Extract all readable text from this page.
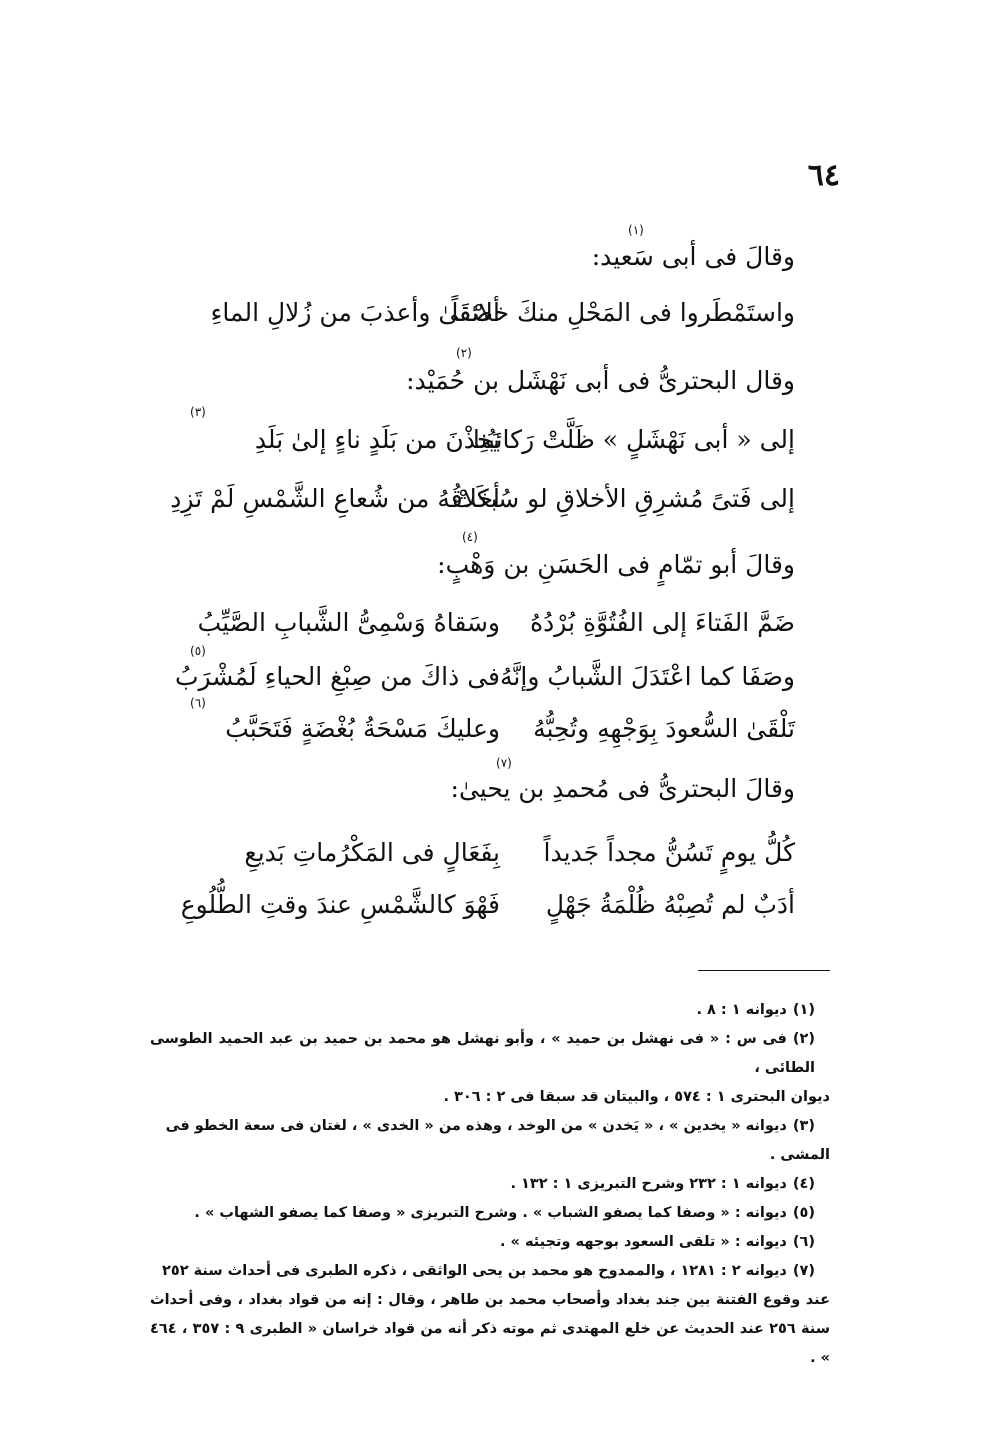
٦٤
(١)
وقالَ فى أبى سَعيد:
واستَمْطَروا فى المَحْلِ منكَ خلائقاً
أصْفَىٰ وأعذبَ من زُلالِ الماءِ
(٢)
وقال البحترىُّ فى أبى نَهْشَل بن حُمَيْد:
(٣)
إلى « أبى نَهْشَلٍ » ظَلَّتْ رَكائبُنا
يَخِذْنَ من بَلَدٍ ناءٍ إلىٰ بَلَدِ
إلى فَتىً مُشرِقِ الأخلاقِ لو سُبكَتْ
أخلاقُهُ من شُعاعِ الشَّمْسِ لَمْ تَزِدِ
(٤)
وقالَ أبو تمّامٍ فى الحَسَنِ بن وَهْبٍ:
ضَمَّ الفَتاءَ إلى الفُتُوَّةِ بُرْدُهُ
وسَقاهُ وَسْمِىُّ الشَّبابِ الصَّيِّبُ
(٥)
وصَفَا كما اعْتَدَلَ الشَّبابُ وإنَّهُ
فى ذاكَ من صِبْغِ الحياءِ لَمُشْرَبُ
(٦)
تَلْقَىٰ السُّعودَ بِوَجْهِهِ وتُحِبُّهُ
وعليكَ مَسْحَةُ بُغْضَةٍ فَتَحَبَّبُ
(٧)
وقالَ البحترىُّ فى مُحمدِ بن يحيىٰ:
كُلُّ يومٍ تَسُنُّ مجداً جَديداً
بِفَعَالٍ فى المَكْرُماتِ بَديعِ
أدَبٌ لم تُصِبْهُ ظُلْمَةُ جَهْلٍ
فَهْوَ كالشَّمْسِ عندَ وقتِ الطُّلُوعِ

(١)ديوانه ١ : ٨ .

(٢)فى س : « فى نهشل بن حميد » ، وأبو نهشل هو محمد بن حميد بن عبد الحميد الطوسى الطائى ،

ديوان البحترى ١ : ٥٧٤ ، والبيتان قد سبقا فى ٢ : ٣٠٦ .

(٣)ديوانه « يخدين » ، « يَخدن » من الوخد ، وهذه من « الخدى » ، لغتان فى سعة الخطو فى

المشى .

(٤)ديوانه ١ : ٢٣٢ وشرح التبريزى ١ : ١٣٢ .

(٥)ديوانه : « وصفا كما يصفو الشباب » . وشرح التبريزى « وصفا كما يصفو الشهاب » .

(٦)ديوانه : « تلقى السعود بوجهه وتجيئه » .

(٧)ديوانه ٢ : ١٢٨١ ، والممدوح هو محمد بن يحى الواثقى ، ذكره الطبرى فى أحداث سنة ٢٥٢

عند وقوع الفتنة بين جند بغداد وأصحاب محمد بن طاهر ، وقال : إنه من قواد بغداد ، وفى أحداث سنة ٢٥٦ عند الحديث عن خلع المهتدى ثم موته ذكر أنه من قواد خراسان « الطبرى ٩ : ٣٥٧ ، ٤٦٤ » .
